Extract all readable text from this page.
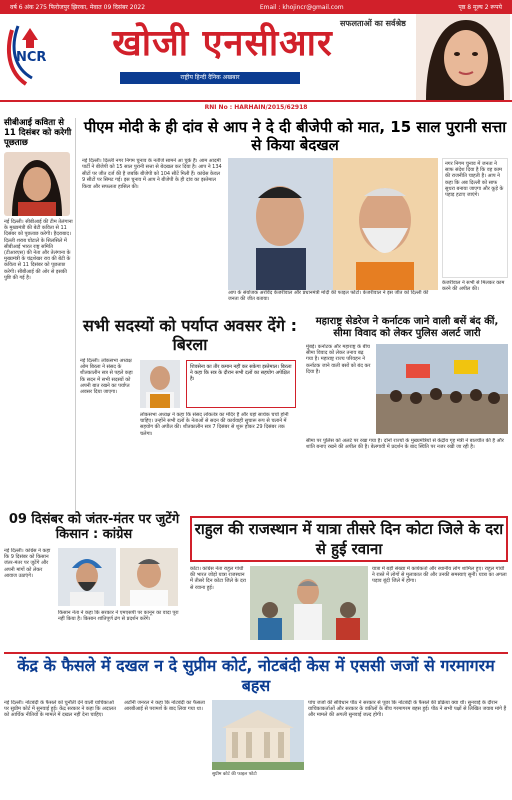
वर्ष 6 अंक 275 फिरोजपुर झिरका, मेवात 09 दिसंबर 2022	Email : khojincr@gmail.com	पृष्ठ 8 मूल्य 2 रूपये
NCR
सफलताओं का सर्वश्रेष्ठ
खोजी एनसीआर
राष्ट्रीय हिन्दी दैनिक अखबार
RNI No : HARHAIN/2015/62918
सीबीआई कविता से 11 दिसंबर को करेगी पूछताछ
नई दिल्ली। सीबीआई की टीम तेलंगाना के मुख्यमंत्री की बेटी कविता से 11 दिसंबर को पूछताछ करेगी। हैदराबाद। दिल्ली शराब घोटाले के सिलसिले में सीबीआई भारत राष्ट्र समिति (टीआरएस) की नेता और तेलंगाना के मुख्यमंत्री के चंद्रशेखर राव की बेटी के कविता से 11 दिसंबर को पूछताछ करेगी। सीबीआई की ओर से इसकी पुष्टि की गई है।
पीएम मोदी के ही दांव से आप ने दे दी बीजेपी को मात, 15 साल पुरानी सत्ता से किया बेदखल
नई दिल्ली। दिल्ली नगर निगम चुनाव के नतीजे सामने आ चुके हैं। आम आदमी पार्टी ने बीजेपी को 15 साल पुरानी सत्ता से बेदखल कर दिया है। आप ने 134 सीटों पर जीत दर्ज की है जबकि बीजेपी को 104 सीटें मिली हैं। कांग्रेस केवल 9 सीटों पर सिमट गई। इस चुनाव में आप ने बीजेपी के ही दांव का इस्तेमाल किया और सफलता हासिल की।
आप के संयोजक अरविंद केजरीवाल और प्रधानमंत्री मोदी की फाइल फोटो। केजरीवाल ने इस जीत को दिल्ली की जनता की जीत बताया।
नगर निगम चुनाव में जनता ने साफ संदेश दिया है कि वह काम की राजनीति चाहती है। आप ने कहा कि अब दिल्ली को साफ सुथरा बनाया जाएगा और कूड़े के पहाड़ हटाए जाएंगे।
केजरीवाल ने सभी से मिलकर काम करने की अपील की।
सभी सदस्यों को पर्याप्त अवसर देंगे : बिरला
नई दिल्ली। लोकसभा अध्यक्ष ओम बिरला ने संसद के शीतकालीन सत्र से पहले कहा कि सदन में सभी सदस्यों को अपनी बात रखने का पर्याप्त अवसर दिया जाएगा।
शिवसेना का तीर कमान नहीं कर सकेगा इस्तेमाल। बिरला ने कहा कि सत्र के दौरान सभी दलों का सहयोग अपेक्षित है।
लोकसभा अध्यक्ष ने कहा कि संसद लोकतंत्र का मंदिर है और यहां सार्थक चर्चा होनी चाहिए। उन्होंने सभी दलों के नेताओं से सदन की कार्यवाही सुचारू रूप से चलाने में सहयोग की अपील की। शीतकालीन सत्र 7 दिसंबर से शुरू होकर 29 दिसंबर तक चलेगा।
महाराष्ट्र सेडरेज ने कर्नाटक जाने वाली बसें बंद कीं, सीमा विवाद को लेकर पुलिस अलर्ट जारी
मुंबई। कर्नाटक और महाराष्ट्र के बीच सीमा विवाद को लेकर तनाव बढ़ गया है। महाराष्ट्र राज्य परिवहन ने कर्नाटक जाने वाली बसों को बंद कर दिया है।
सीमा पर पुलिस को अलर्ट पर रखा गया है। दोनों राज्यों के मुख्यमंत्रियों से केंद्रीय गृह मंत्री ने बातचीत की है और शांति बनाए रखने की अपील की है। बेलगावी में प्रदर्शन के बाद स्थिति पर नजर रखी जा रही है।
09 दिसंबर को जंतर-मंतर पर जुटेंगे किसान : कांग्रेस
नई दिल्ली। कांग्रेस ने कहा कि 9 दिसंबर को किसान जंतर-मंतर पर जुटेंगे और अपनी मांगों को लेकर आवाज उठाएंगे।
किसान नेता ने कहा कि सरकार ने एमएसपी पर कानून का वादा पूरा नहीं किया है। किसान शांतिपूर्ण ढंग से प्रदर्शन करेंगे।
राहुल की राजस्थान में यात्रा तीसरे दिन कोटा जिले के दरा से हुई रवाना
कोटा। कांग्रेस नेता राहुल गांधी की भारत जोड़ो यात्रा राजस्थान में तीसरे दिन कोटा जिले के दरा से रवाना हुई।
यात्रा में बड़ी संख्या में कार्यकर्ता और स्थानीय लोग शामिल हुए। राहुल गांधी ने रास्ते में लोगों से मुलाकात की और उनकी समस्याएं सुनीं। यात्रा का अगला पड़ाव बूंदी जिले में होगा।
केंद्र के फैसले में दखल न दे सुप्रीम कोर्ट, नोटबंदी केस में एससी जजों से गरमागरम बहस
नई दिल्ली। नोटबंदी के फैसले को चुनौती देने वाली याचिकाओं पर सुप्रीम कोर्ट में सुनवाई हुई। केंद्र सरकार ने कहा कि अदालत को आर्थिक नीतियों के मामले में दखल नहीं देना चाहिए।
अटॉर्नी जनरल ने कहा कि नोटबंदी का फैसला आरबीआई से परामर्श के बाद लिया गया था।
सुप्रीम कोर्ट की फाइल फोटो
पांच जजों की संविधान पीठ ने सरकार से पूछा कि नोटबंदी के फैसले की प्रक्रिया क्या थी। सुनवाई के दौरान याचिकाकर्ताओं और सरकार के वकीलों के बीच गरमागरम बहस हुई। पीठ ने सभी पक्षों से लिखित जवाब मांगे हैं और मामले की अगली सुनवाई जल्द होगी।
